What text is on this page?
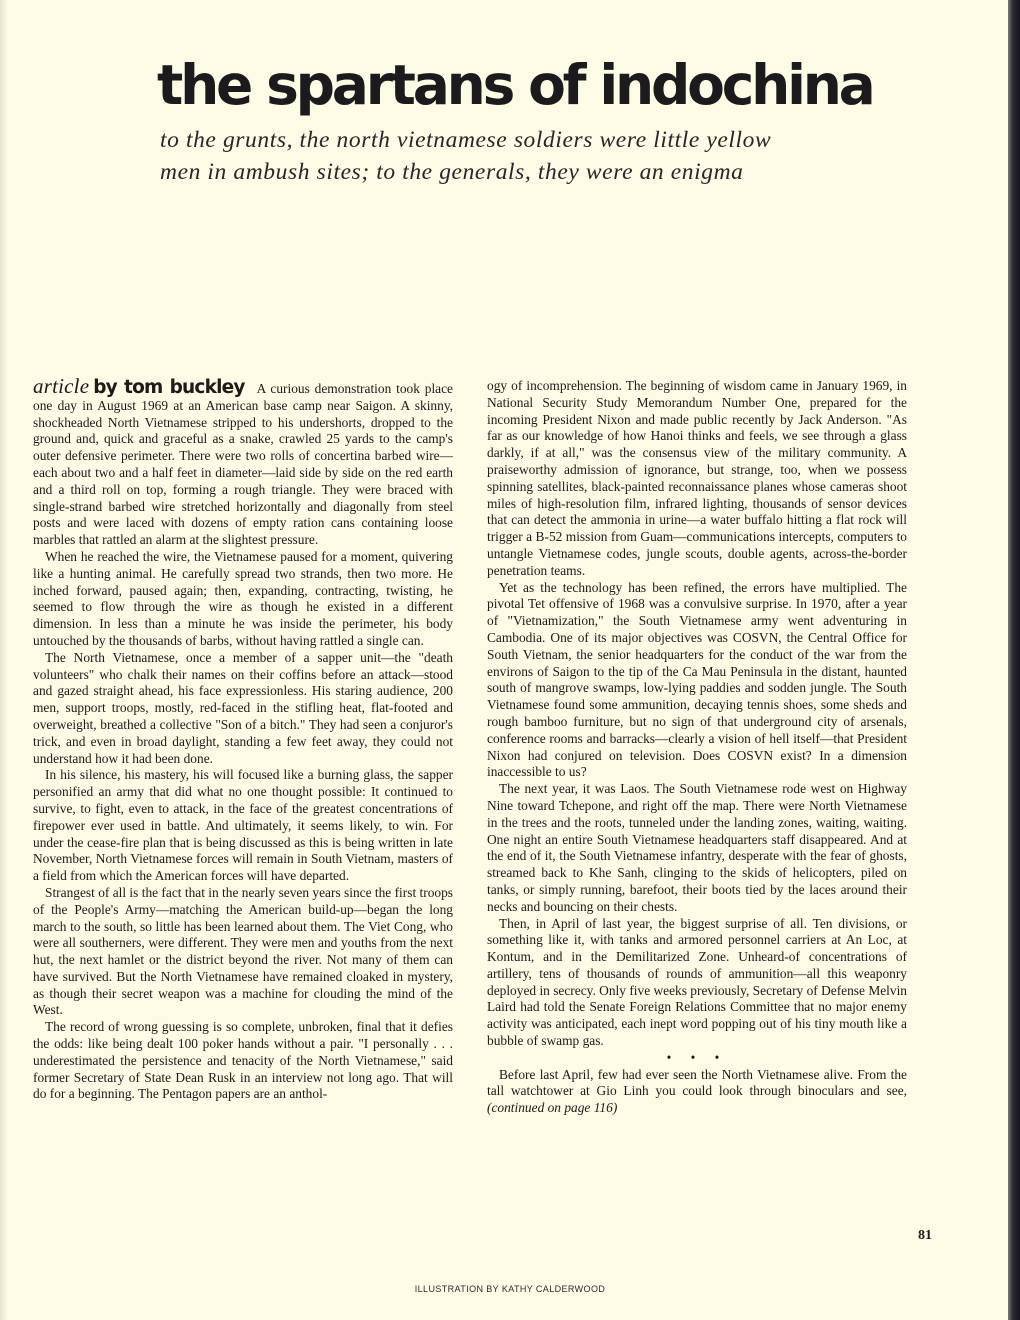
the spartans of indochina
to the grunts, the north vietnamese soldiers were little yellow
men in ambush sites; to the generals, they were an enigma

article by tom buckley A curious demonstration took place one day in August 1969 at an American base camp near Saigon. A skinny, shockheaded North Vietnamese stripped to his undershorts, dropped to the ground and, quick and graceful as a snake, crawled 25 yards to the camp's outer defensive perimeter. There were two rolls of concertina barbed wire—each about two and a half feet in diameter—laid side by side on the red earth and a third roll on top, forming a rough triangle. They were braced with single-strand barbed wire stretched horizontally and diagonally from steel posts and were laced with dozens of empty ration cans containing loose marbles that rattled an alarm at the slightest pressure.

When he reached the wire, the Vietnamese paused for a moment, quivering like a hunting animal. He carefully spread two strands, then two more. He inched forward, paused again; then, expanding, contracting, twisting, he seemed to flow through the wire as though he existed in a different dimension. In less than a minute he was inside the perimeter, his body untouched by the thousands of barbs, without having rattled a single can.

The North Vietnamese, once a member of a sapper unit—the "death volunteers" who chalk their names on their coffins before an attack—stood and gazed straight ahead, his face expressionless. His staring audience, 200 men, support troops, mostly, red-faced in the stifling heat, flat-footed and overweight, breathed a collective "Son of a bitch." They had seen a conjuror's trick, and even in broad daylight, standing a few feet away, they could not understand how it had been done.

In his silence, his mastery, his will focused like a burning glass, the sapper personified an army that did what no one thought possible: It continued to survive, to fight, even to attack, in the face of the greatest concentrations of firepower ever used in battle. And ultimately, it seems likely, to win. For under the cease-fire plan that is being discussed as this is being written in late November, North Vietnamese forces will remain in South Vietnam, masters of a field from which the American forces will have departed.

Strangest of all is the fact that in the nearly seven years since the first troops of the People's Army—matching the American build-up—began the long march to the south, so little has been learned about them. The Viet Cong, who were all southerners, were different. They were men and youths from the next hut, the next hamlet or the district beyond the river. Not many of them can have survived. But the North Vietnamese have remained cloaked in mystery, as though their secret weapon was a machine for clouding the mind of the West.

The record of wrong guessing is so complete, unbroken, final that it defies the odds: like being dealt 100 poker hands without a pair. "I personally . . . underestimated the persistence and tenacity of the North Vietnamese," said former Secretary of State Dean Rusk in an interview not long ago. That will do for a beginning. The Pentagon papers are an anthol-

ogy of incomprehension. The beginning of wisdom came in January 1969, in National Security Study Memorandum Number One, prepared for the incoming President Nixon and made public recently by Jack Anderson. "As far as our knowledge of how Hanoi thinks and feels, we see through a glass darkly, if at all," was the consensus view of the military community. A praiseworthy admission of ignorance, but strange, too, when we possess spinning satellites, black-painted reconnaissance planes whose cameras shoot miles of high-resolution film, infrared lighting, thousands of sensor devices that can detect the ammonia in urine—a water buffalo hitting a flat rock will trigger a B-52 mission from Guam—communications intercepts, computers to untangle Vietnamese codes, jungle scouts, double agents, across-the-border penetration teams.

Yet as the technology has been refined, the errors have multiplied. The pivotal Tet offensive of 1968 was a convulsive surprise. In 1970, after a year of "Vietnamization," the South Vietnamese army went adventuring in Cambodia. One of its major objectives was COSVN, the Central Office for South Vietnam, the senior headquarters for the conduct of the war from the environs of Saigon to the tip of the Ca Mau Peninsula in the distant, haunted south of mangrove swamps, low-lying paddies and sodden jungle. The South Vietnamese found some ammunition, decaying tennis shoes, some sheds and rough bamboo furniture, but no sign of that underground city of arsenals, conference rooms and barracks—clearly a vision of hell itself—that President Nixon had conjured on television. Does COSVN exist? In a dimension inaccessible to us?

The next year, it was Laos. The South Vietnamese rode west on Highway Nine toward Tchepone, and right off the map. There were North Vietnamese in the trees and the roots, tunneled under the landing zones, waiting, waiting. One night an entire South Vietnamese headquarters staff disappeared. And at the end of it, the South Vietnamese infantry, desperate with the fear of ghosts, streamed back to Khe Sanh, clinging to the skids of helicopters, piled on tanks, or simply running, barefoot, their boots tied by the laces around their necks and bouncing on their chests.

Then, in April of last year, the biggest surprise of all. Ten divisions, or something like it, with tanks and armored personnel carriers at An Loc, at Kontum, and in the Demilitarized Zone. Unheard-of concentrations of artillery, tens of thousands of rounds of ammunition—all this weaponry deployed in secrecy. Only five weeks previously, Secretary of Defense Melvin Laird had told the Senate Foreign Relations Committee that no major enemy activity was anticipated, each inept word popping out of his tiny mouth like a bubble of swamp gas.

• • •

Before last April, few had ever seen the North Vietnamese alive. From the tall watchtower at Gio Linh you could look through binoculars and see, (continued on page 116)

81
ILLUSTRATION BY KATHY CALDERWOOD
